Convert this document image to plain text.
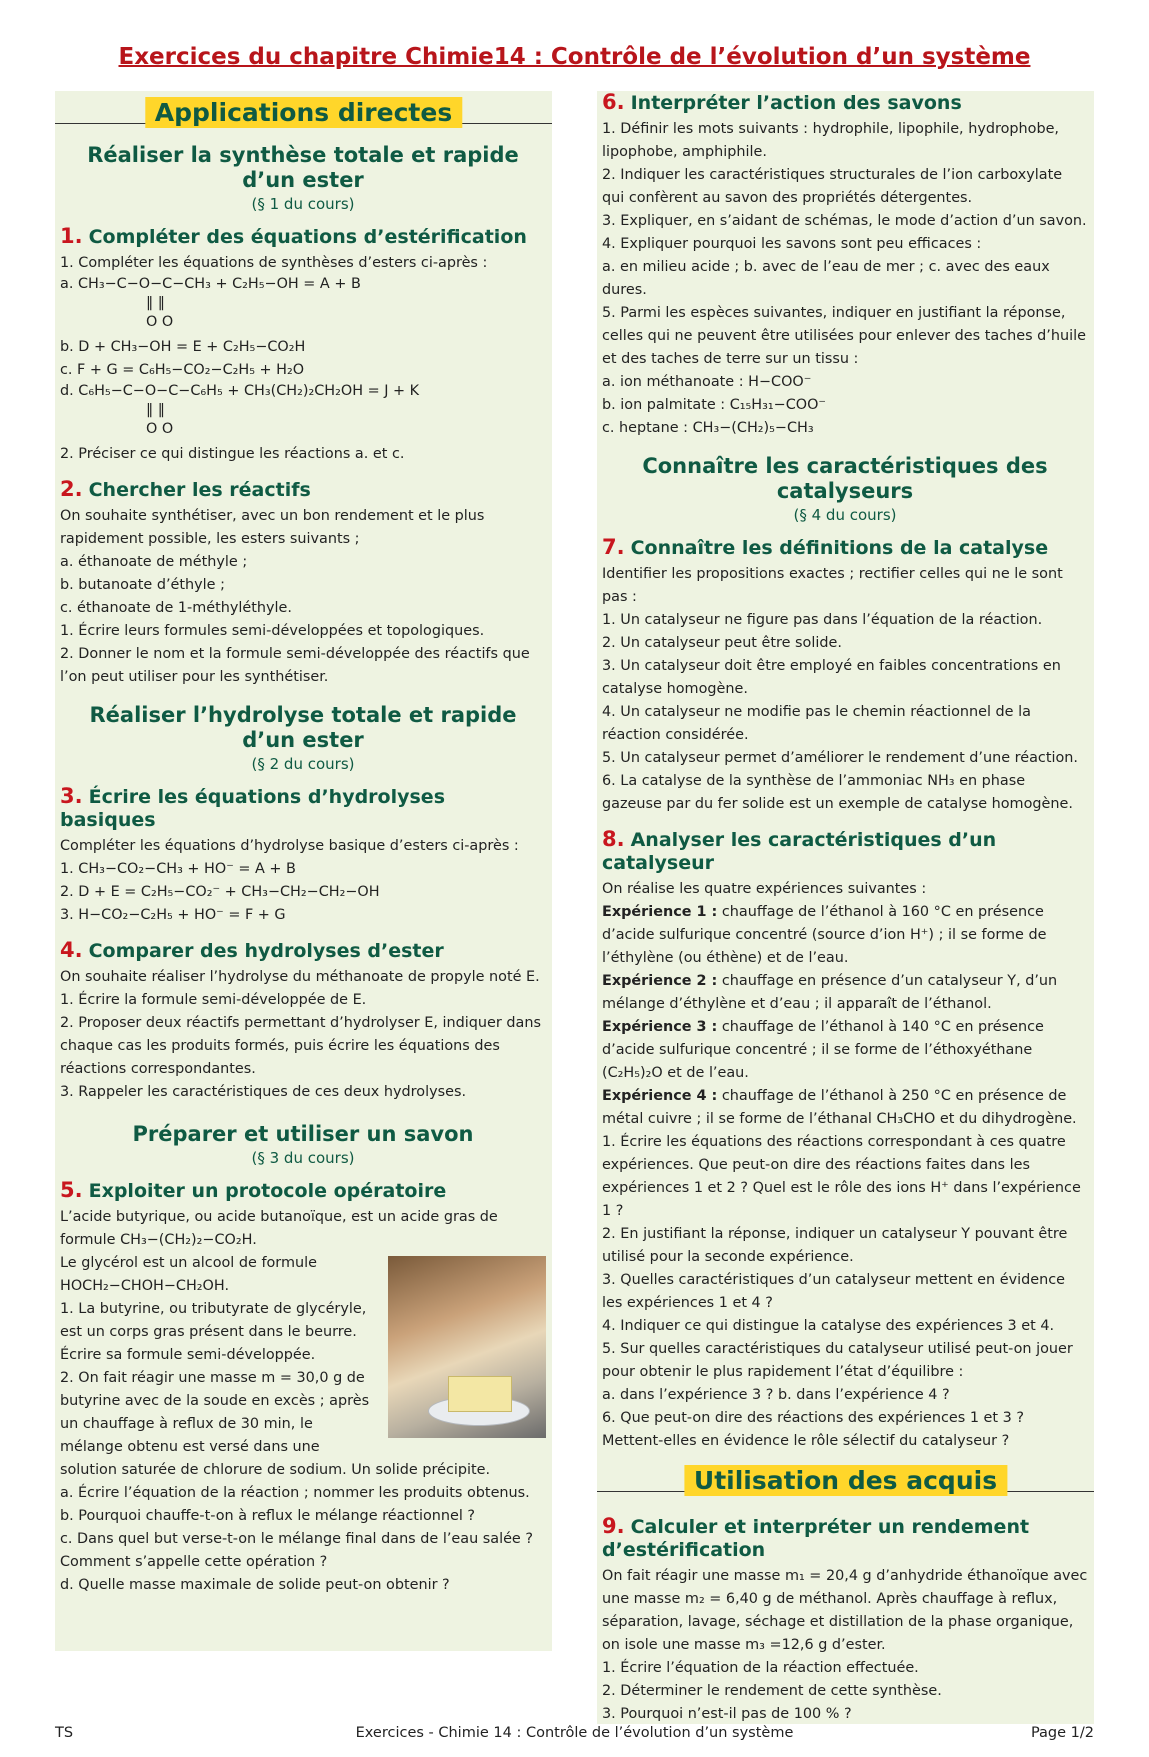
Exercices du chapitre Chimie14 : Contrôle de l’évolution d’un système
Applications directes
Réaliser la synthèse totale et rapide d’un ester
(§ 1 du cours)
1. Compléter des équations d’estérification
1. Compléter les équations de synthèses d’esters ci-après :
a. CH₃−C−O−C−CH₃ + C₂H₅−OH = A + B
‖ ‖
O O
b. D + CH₃−OH = E + C₂H₅−CO₂H
c. F + G = C₆H₅−CO₂−C₂H₅ + H₂O
d. C₆H₅−C−O−C−C₆H₅ + CH₃(CH₂)₂CH₂OH = J + K
‖ ‖
O O
2. Préciser ce qui distingue les réactions a. et c.
2. Chercher les réactifs
On souhaite synthétiser, avec un bon rendement et le plus rapidement possible, les esters suivants ;
a. éthanoate de méthyle ;
b. butanoate d’éthyle ;
c. éthanoate de 1-méthyléthyle.
1. Écrire leurs formules semi-développées et topologiques.
2. Donner le nom et la formule semi-développée des réactifs que l’on peut utiliser pour les synthétiser.
Réaliser l’hydrolyse totale et rapide d’un ester
(§ 2 du cours)
3. Écrire les équations d’hydrolyses basiques
Compléter les équations d’hydrolyse basique d’esters ci-après :
1. CH₃−CO₂−CH₃ + HO⁻ = A + B
2. D + E = C₂H₅−CO₂⁻ + CH₃−CH₂−CH₂−OH
3. H−CO₂−C₂H₅ + HO⁻ = F + G
4. Comparer des hydrolyses d’ester
On souhaite réaliser l’hydrolyse du méthanoate de propyle noté E.
1. Écrire la formule semi-développée de E.
2. Proposer deux réactifs permettant d’hydrolyser E, indiquer dans chaque cas les produits formés, puis écrire les équations des réactions correspondantes.
3. Rappeler les caractéristiques de ces deux hydrolyses.
Préparer et utiliser un savon
(§ 3 du cours)
5. Exploiter un protocole opératoire
L’acide butyrique, ou acide butanoïque, est un acide gras de formule CH₃−(CH₂)₂−CO₂H.
Le glycérol est un alcool de formule HOCH₂−CHOH−CH₂OH.
1. La butyrine, ou tributyrate de glycéryle, est un corps gras présent dans le beurre. Écrire sa formule semi-développée.
2. On fait réagir une masse m = 30,0 g de butyrine avec de la soude en excès ; après un chauffage à reflux de 30 min, le mélange obtenu est versé dans une solution saturée de chlorure de sodium. Un solide précipite.
a. Écrire l’équation de la réaction ; nommer les produits obtenus.
b. Pourquoi chauffe-t-on à reflux le mélange réactionnel ?
c. Dans quel but verse-t-on le mélange final dans de l’eau salée ? Comment s’appelle cette opération ?
d. Quelle masse maximale de solide peut-on obtenir ?
6. Interpréter l’action des savons
1. Définir les mots suivants : hydrophile, lipophile, hydrophobe, lipophobe, amphiphile.
2. Indiquer les caractéristiques structurales de l’ion carboxylate qui confèrent au savon des propriétés détergentes.
3. Expliquer, en s’aidant de schémas, le mode d’action d’un savon.
4. Expliquer pourquoi les savons sont peu efficaces :
a. en milieu acide ; b. avec de l’eau de mer ; c. avec des eaux dures.
5. Parmi les espèces suivantes, indiquer en justifiant la réponse, celles qui ne peuvent être utilisées pour enlever des taches d’huile et des taches de terre sur un tissu :
a. ion méthanoate : H−COO⁻
b. ion palmitate : C₁₅H₃₁−COO⁻
c. heptane : CH₃−(CH₂)₅−CH₃
Connaître les caractéristiques des catalyseurs
(§ 4 du cours)
7. Connaître les définitions de la catalyse
Identifier les propositions exactes ; rectifier celles qui ne le sont pas :
1. Un catalyseur ne figure pas dans l’équation de la réaction.
2. Un catalyseur peut être solide.
3. Un catalyseur doit être employé en faibles concentrations en catalyse homogène.
4. Un catalyseur ne modifie pas le chemin réactionnel de la réaction considérée.
5. Un catalyseur permet d’améliorer le rendement d’une réaction.
6. La catalyse de la synthèse de l’ammoniac NH₃ en phase gazeuse par du fer solide est un exemple de catalyse homogène.
8. Analyser les caractéristiques d’un catalyseur
On réalise les quatre expériences suivantes :
Expérience 1 : chauffage de l’éthanol à 160 °C en présence d’acide sulfurique concentré (source d’ion H⁺) ; il se forme de l’éthylène (ou éthène) et de l’eau.
Expérience 2 : chauffage en présence d’un catalyseur Y, d’un mélange d’éthylène et d’eau ; il apparaît de l’éthanol.
Expérience 3 : chauffage de l’éthanol à 140 °C en présence d’acide sulfurique concentré ; il se forme de l’éthoxyéthane (C₂H₅)₂O et de l’eau.
Expérience 4 : chauffage de l’éthanol à 250 °C en présence de métal cuivre ; il se forme de l’éthanal CH₃CHO et du dihydrogène.
1. Écrire les équations des réactions correspondant à ces quatre expériences. Que peut-on dire des réactions faites dans les expériences 1 et 2 ? Quel est le rôle des ions H⁺ dans l’expérience 1 ?
2. En justifiant la réponse, indiquer un catalyseur Y pouvant être utilisé pour la seconde expérience.
3. Quelles caractéristiques d’un catalyseur mettent en évidence les expériences 1 et 4 ?
4. Indiquer ce qui distingue la catalyse des expériences 3 et 4.
5. Sur quelles caractéristiques du catalyseur utilisé peut-on jouer pour obtenir le plus rapidement l’état d’équilibre :
a. dans l’expérience 3 ? b. dans l’expérience 4 ?
6. Que peut-on dire des réactions des expériences 1 et 3 ? Mettent-elles en évidence le rôle sélectif du catalyseur ?
Utilisation des acquis
9. Calculer et interpréter un rendement d’estérification
On fait réagir une masse m₁ = 20,4 g d’anhydride éthanoïque avec une masse m₂ = 6,40 g de méthanol. Après chauffage à reflux, séparation, lavage, séchage et distillation de la phase organique, on isole une masse m₃ =12,6 g d’ester.
1. Écrire l’équation de la réaction effectuée.
2. Déterminer le rendement de cette synthèse.
3. Pourquoi n’est-il pas de 100 % ?
TS	Exercices - Chimie 14 : Contrôle de l’évolution d’un système	Page 1/2
